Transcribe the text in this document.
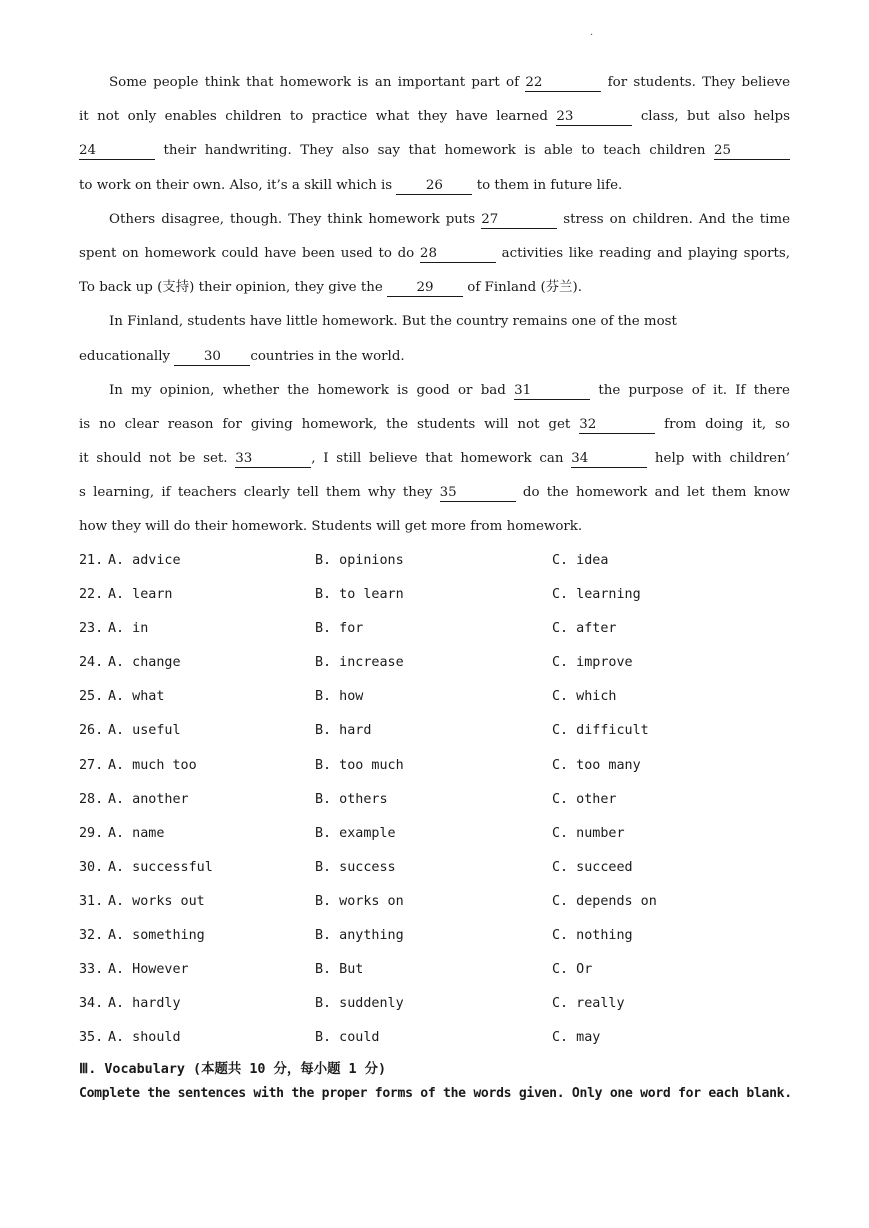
·
Some people think that homework is an important part of 22	for students. They believe
it not only enables children to practice what they have learned 23	class, but also helps
24	their handwriting. They also say that homework is able to teach children 25
to work on their own. Also, it’s a skill which is	26	to them in future life.
Others disagree, though. They think homework puts 27	stress on children. And the time
spent on homework could have been used to do 28	activities like reading and playing sports,
To back up (支持) their opinion, they give the	29	of Finland (芬兰).
In Finland, students have little homework. But the country remains one of the most
educationally	30 countries in the world.
In my opinion, whether the homework is good or bad 31	the purpose of it. If there
is no clear reason for giving homework, the students will not get 32	from doing it, so
it should not be set. 33	, I still believe that homework can 34	help with children’
s learning, if teachers clearly tell them why they 35	do the homework and let them know
how they will do their homework. Students will get more from homework.
21. A. advice	B. opinions	C. idea
22. A. learn	B. to learn	C. learning
23. A. in	B. for	C. after
24. A. change	B. increase	C. improve
25. A. what	B. how	C. which
26. A. useful	B. hard	C. difficult
27. A. much too	B. too much	C. too many
28. A. another	B. others	C. other
29. A. name	B. example	C. number
30. A. successful	B. success	C. succeed
31. A. works out	B. works on	C. depends on
32. A. something	B. anything	C. nothing
33. A. However	B. But	C. Or
34. A. hardly	B. suddenly	C. really
35. A. should	B. could	C. may
Ⅲ. Vocabulary (本题共 10 分，每小题 1 分)
Complete the sentences with the proper forms of the words given. Only one word for each blank.
